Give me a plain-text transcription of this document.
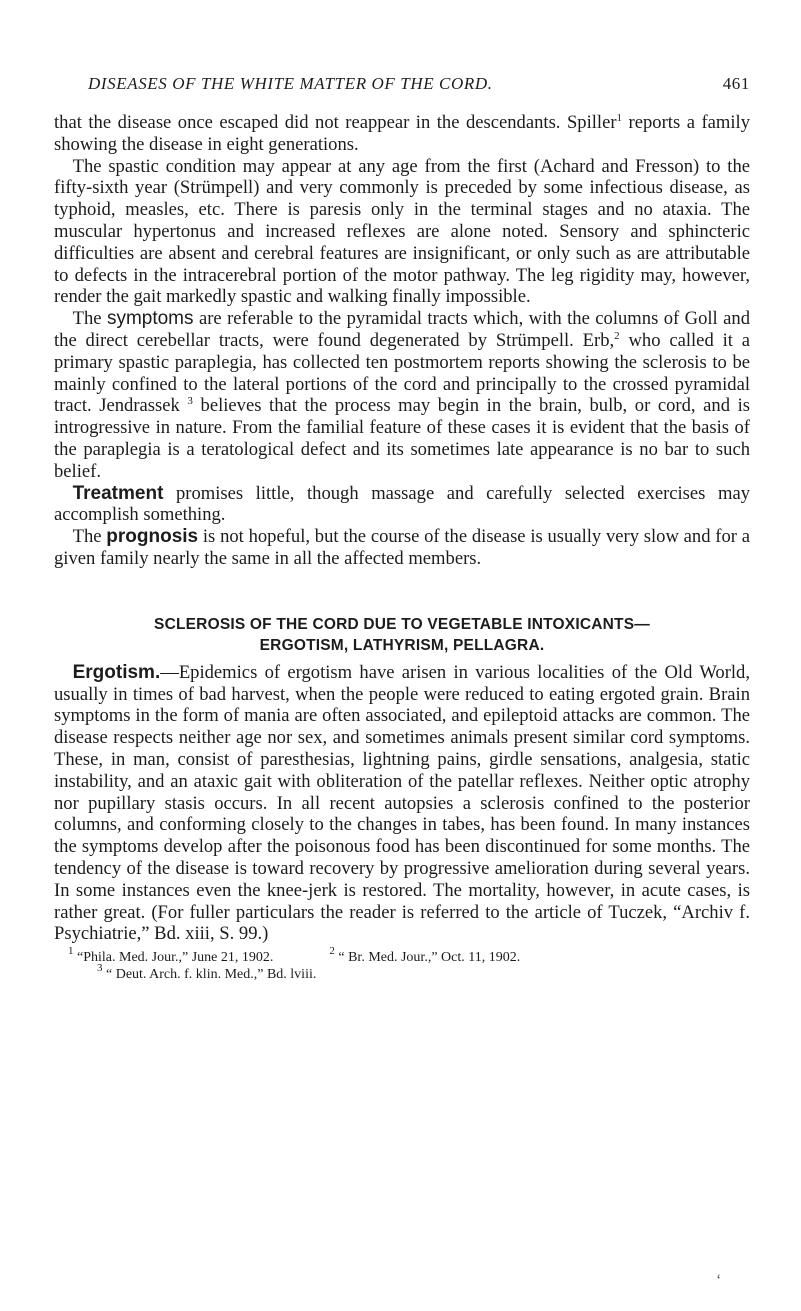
DISEASES OF THE WHITE MATTER OF THE CORD.	461

that the disease once escaped did not reappear in the descendants. Spiller$^1$ reports a family showing the disease in eight generations.

The spastic condition may appear at any age from the first (Achard and Fresson) to the fifty-sixth year (Strümpell) and very commonly is preceded by some infectious disease, as typhoid, measles, etc. There is paresis only in the terminal stages and no ataxia. The muscular hypertonus and increased reflexes are alone noted. Sensory and sphincteric difficulties are absent and cerebral features are insignificant, or only such as are attributable to defects in the intracerebral portion of the motor pathway. The leg rigidity may, however, render the gait markedly spastic and walking finally impossible.

The symptoms are referable to the pyramidal tracts which, with the columns of Goll and the direct cerebellar tracts, were found degenerated by Strümpell. Erb,$^2$ who called it a primary spastic paraplegia, has collected ten postmortem reports showing the sclerosis to be mainly confined to the lateral portions of the cord and principally to the crossed pyramidal tract. Jendrassek $^3$ believes that the process may begin in the brain, bulb, or cord, and is introgressive in nature. From the familial feature of these cases it is evident that the basis of the paraplegia is a teratological defect and its sometimes late appearance is no bar to such belief.

Treatment promises little, though massage and carefully selected exercises may accomplish something.

The prognosis is not hopeful, but the course of the disease is usually very slow and for a given family nearly the same in all the affected members.

SCLEROSIS OF THE CORD DUE TO VEGETABLE INTOXICANTS—
ERGOTISM, LATHYRISM, PELLAGRA.

Ergotism.—Epidemics of ergotism have arisen in various localities of the Old World, usually in times of bad harvest, when the people were reduced to eating ergoted grain. Brain symptoms in the form of mania are often associated, and epileptoid attacks are common. The disease respects neither age nor sex, and sometimes animals present similar cord symptoms. These, in man, consist of paresthesias, lightning pains, girdle sensations, analgesia, static instability, and an ataxic gait with obliteration of the patellar reflexes. Neither optic atrophy nor pupillary stasis occurs. In all recent autopsies a sclerosis confined to the posterior columns, and conforming closely to the changes in tabes, has been found. In many instances the symptoms develop after the poisonous food has been discontinued for some months. The tendency of the disease is toward recovery by progressive amelioration during several years. In some instances even the knee-jerk is restored. The mortality, however, in acute cases, is rather great. (For fuller particulars the reader is referred to the article of Tuczek, “Archiv f. Psychiatrie,” Bd. xiii, S. 99.)

$^1$ “Phila. Med. Jour.,” June 21, 1902.	$^2$ “ Br. Med. Jour.,” Oct. 11, 1902.
$^3$ “ Deut. Arch. f. klin. Med.,” Bd. lviii.
‘
